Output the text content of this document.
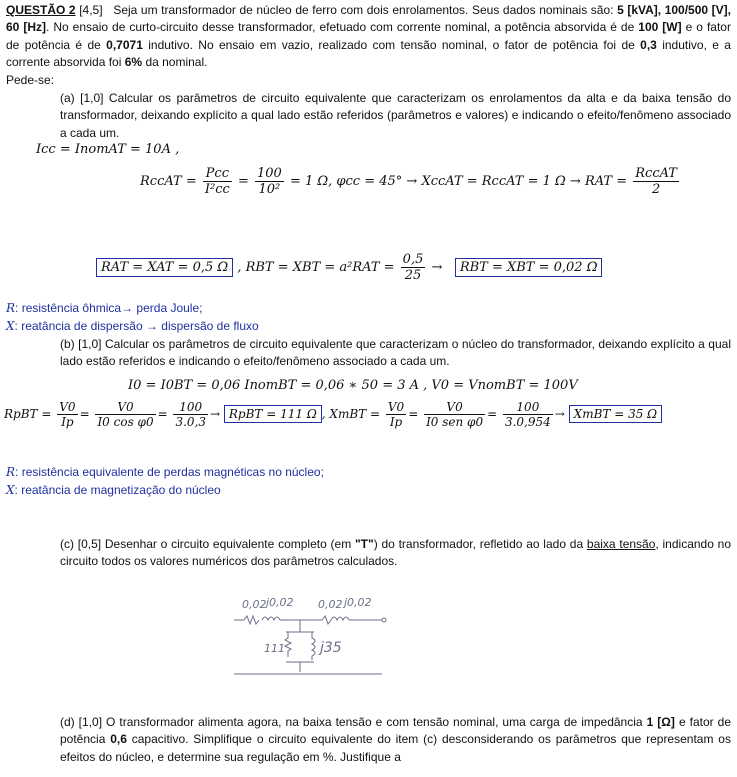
QUESTÃO 2 [4,5] Seja um transformador de núcleo de ferro com dois enrolamentos. Seus dados nominais são: 5 [kVA], 100/500 [V], 60 [Hz]. No ensaio de curto-circuito desse transformador, efetuado com corrente nominal, a potência absorvida é de 100 [W] e o fator de potência é de 0,7071 indutivo. No ensaio em vazio, realizado com tensão nominal, o fator de potência foi de 0,3 indutivo, e a corrente absorvida foi 6% da nominal.
Pede-se:
(a) [1,0] Calcular os parâmetros de circuito equivalente que caracterizam os enrolamentos da alta e da baixa tensão do transformador, deixando explícito a qual lado estão referidos (parâmetros e valores) e indicando o efeito/fenômeno associado a cada um.
Icc = InomAT = 10A ,
RccAT = $\frac{\text{Pcc}}{\text{I²cc}} = \frac{100}{\text{10²}} = 1$ Ω, φcc = 45° → XccAT = RccAT = 1 Ω → RAT = $\frac{\text{RccAT}}{2}$
RAT = XAT = 0,5 Ω , RBT = XBT = $a^2RAT = \frac{0,5}{25}$ → RBT = XBT = 0,02 Ω
R: resistência ôhmica→ perda Joule;
X: reatância de dispersão → dispersão de fluxo
(b) [1,0] Calcular os parâmetros de circuito equivalente que caracterizam o núcleo do transformador, deixando explícito a qual lado estão referidos e indicando o efeito/fenômeno associado a cada um.
I0 = I0BT = 0,06 InomBT = 0,06 ∗ 50 = 3 A , V0 = VnomBT = 100V
RpBT = $\frac{V0}{Ip} = \frac{V0}{\text{I0 cos φ0}} = \frac{100}{3.0,3}$ → RpBT = 111 Ω , XmBT = $\frac{V0}{Ip} = \frac{V0}{\text{I0 sen φ0}} = \frac{100}{3.0,954}$ → XmBT = 35 Ω
R: resistência equivalente de perdas magnéticas no núcleo;
X: reatância de magnetização do núcleo
(c) [0,5] Desenhar o circuito equivalente completo (em "T") do transformador, refletido ao lado da baixa tensão, indicando no circuito todos os valores numéricos dos parâmetros calculados.
0,02 j0,02 0,02 j0,02
111	j35
(d) [1,0] O transformador alimenta agora, na baixa tensão e com tensão nominal, uma carga de impedância 1 [Ω] e fator de potência 0,6 capacitivo. Simplifique o circuito equivalente do item (c) desconsiderando os parâmetros que representam os efeitos do núcleo, e determine sua regulação em %. Justifique a
